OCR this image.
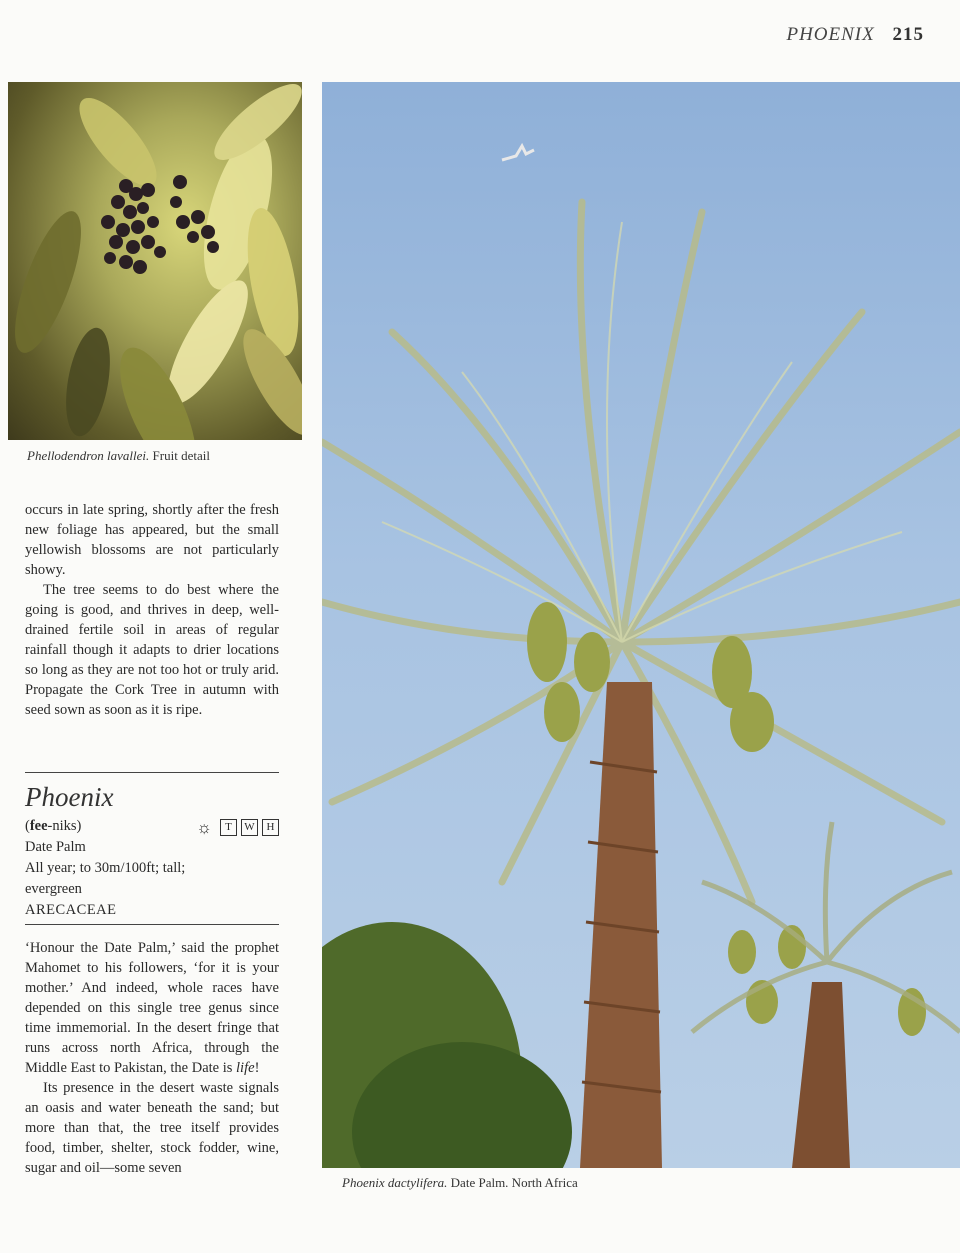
PHOENIX 215
Phellodendron lavallei. Fruit detail

occurs in late spring, shortly after the fresh new foliage has appeared, but the small yellowish blossoms are not particularly showy.

The tree seems to do best where the going is good, and thrives in deep, well-drained fertile soil in areas of regular rainfall though it adapts to drier locations so long as they are not too hot or truly arid. Propagate the Cork Tree in autumn with seed sown as soon as it is ripe.

Phoenix
(fee-niks)	☼	T	W	H
Date Palm
All year; to 30m/100ft; tall;
evergreen
ARECACEAE

‘Honour the Date Palm,’ said the prophet Mahomet to his followers, ‘for it is your mother.’ And indeed, whole races have depended on this single tree genus since time immemorial. In the desert fringe that runs across north Africa, through the Middle East to Pakistan, the Date is life!

Its presence in the desert waste signals an oasis and water beneath the sand; but more than that, the tree itself provides food, timber, shelter, stock fodder, wine, sugar and oil—some seven

Phoenix dactylifera. Date Palm. North Africa
